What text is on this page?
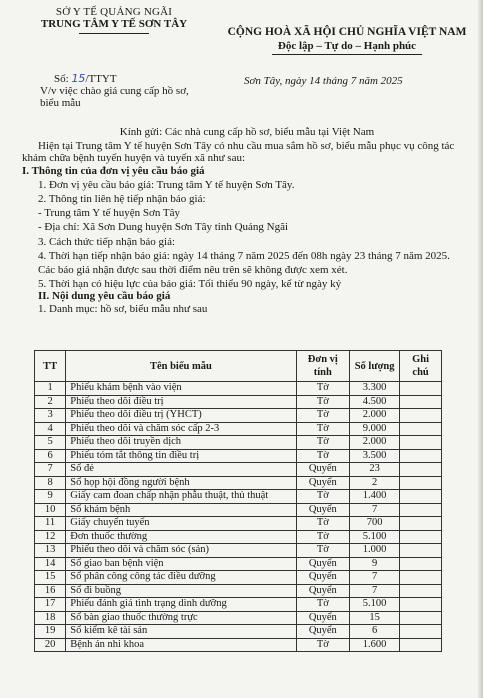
SỞ Y TẾ QUẢNG NGÃI
TRUNG TÂM Y TẾ SƠN TÂY
CỘNG HOÀ XÃ HỘI CHỦ NGHĨA VIỆT NAM
Độc lập – Tự do – Hạnh phúc
Số: 15/TTYT	Sơn Tây, ngày 14 tháng 7 năm 2025
V/v việc chào giá cung cấp hồ sơ, biểu mẫu

Kính gửi: Các nhà cung cấp hồ sơ, biểu mẫu tại Việt Nam

Hiện tại Trung tâm Y tế huyện Sơn Tây có nhu cầu mua sắm hồ sơ, biểu mẫu phục vụ công tác khám chữa bệnh tuyến huyện và tuyến xã như sau:

I. Thông tin của đơn vị yêu cầu báo giá

1. Đơn vị yêu cầu báo giá: Trung tâm Y tế huyện Sơn Tây.

2. Thông tin liên hệ tiếp nhận báo giá:

- Trung tâm Y tế huyện Sơn Tây

- Địa chỉ: Xã Sơn Dung huyện Sơn Tây tỉnh Quảng Ngãi

3. Cách thức tiếp nhận báo giá:

4. Thời hạn tiếp nhận báo giá: ngày 14 tháng 7 năm 2025 đến 08h ngày 23 tháng 7 năm 2025.

Các báo giá nhận được sau thời điểm nêu trên sẽ không được xem xét.

5. Thời hạn có hiệu lực của báo giá: Tối thiểu 90 ngày, kể từ ngày ký

II. Nội dung yêu cầu báo giá

1. Danh mục: hồ sơ, biểu mẫu như sau

TT	Tên biểu mẫu	Đơn vị tính	Số lượng	Ghi chú
1	Phiếu khám bệnh vào viện	Tờ	3.300	
2	Phiếu theo dõi điều trị	Tờ	4.500	
3	Phiếu theo dõi điều trị (YHCT)	Tờ	2.000	
4	Phiếu theo dõi và chăm sóc cấp 2-3	Tờ	9.000	
5	Phiếu theo dõi truyền dịch	Tờ	2.000	
6	Phiếu tóm tắt thông tin điều trị	Tờ	3.500	
7	Sổ đẻ	Quyển	23	
8	Sổ họp hội đồng người bệnh	Quyển	2	
9	Giấy cam đoan chấp nhận phẫu thuật, thủ thuật	Tờ	1.400	
10	Sổ khám bệnh	Quyển	7	
11	Giấy chuyển tuyến	Tờ	700	
12	Đơn thuốc thường	Tờ	5.100	
13	Phiếu theo dõi và chăm sóc (sản)	Tờ	1.000	
14	Sổ giao ban bệnh viện	Quyển	9	
15	Sổ phân công công tác điều dưỡng	Quyển	7	
16	Sổ đi buồng	Quyển	7	
17	Phiếu đánh giá tình trạng dinh dưỡng	Tờ	5.100	
18	Sổ bàn giao thuốc thường trực	Quyển	15	
19	Sổ kiểm kê tài sản	Quyển	6	
20	Bệnh án nhi khoa	Tờ	1.600	
